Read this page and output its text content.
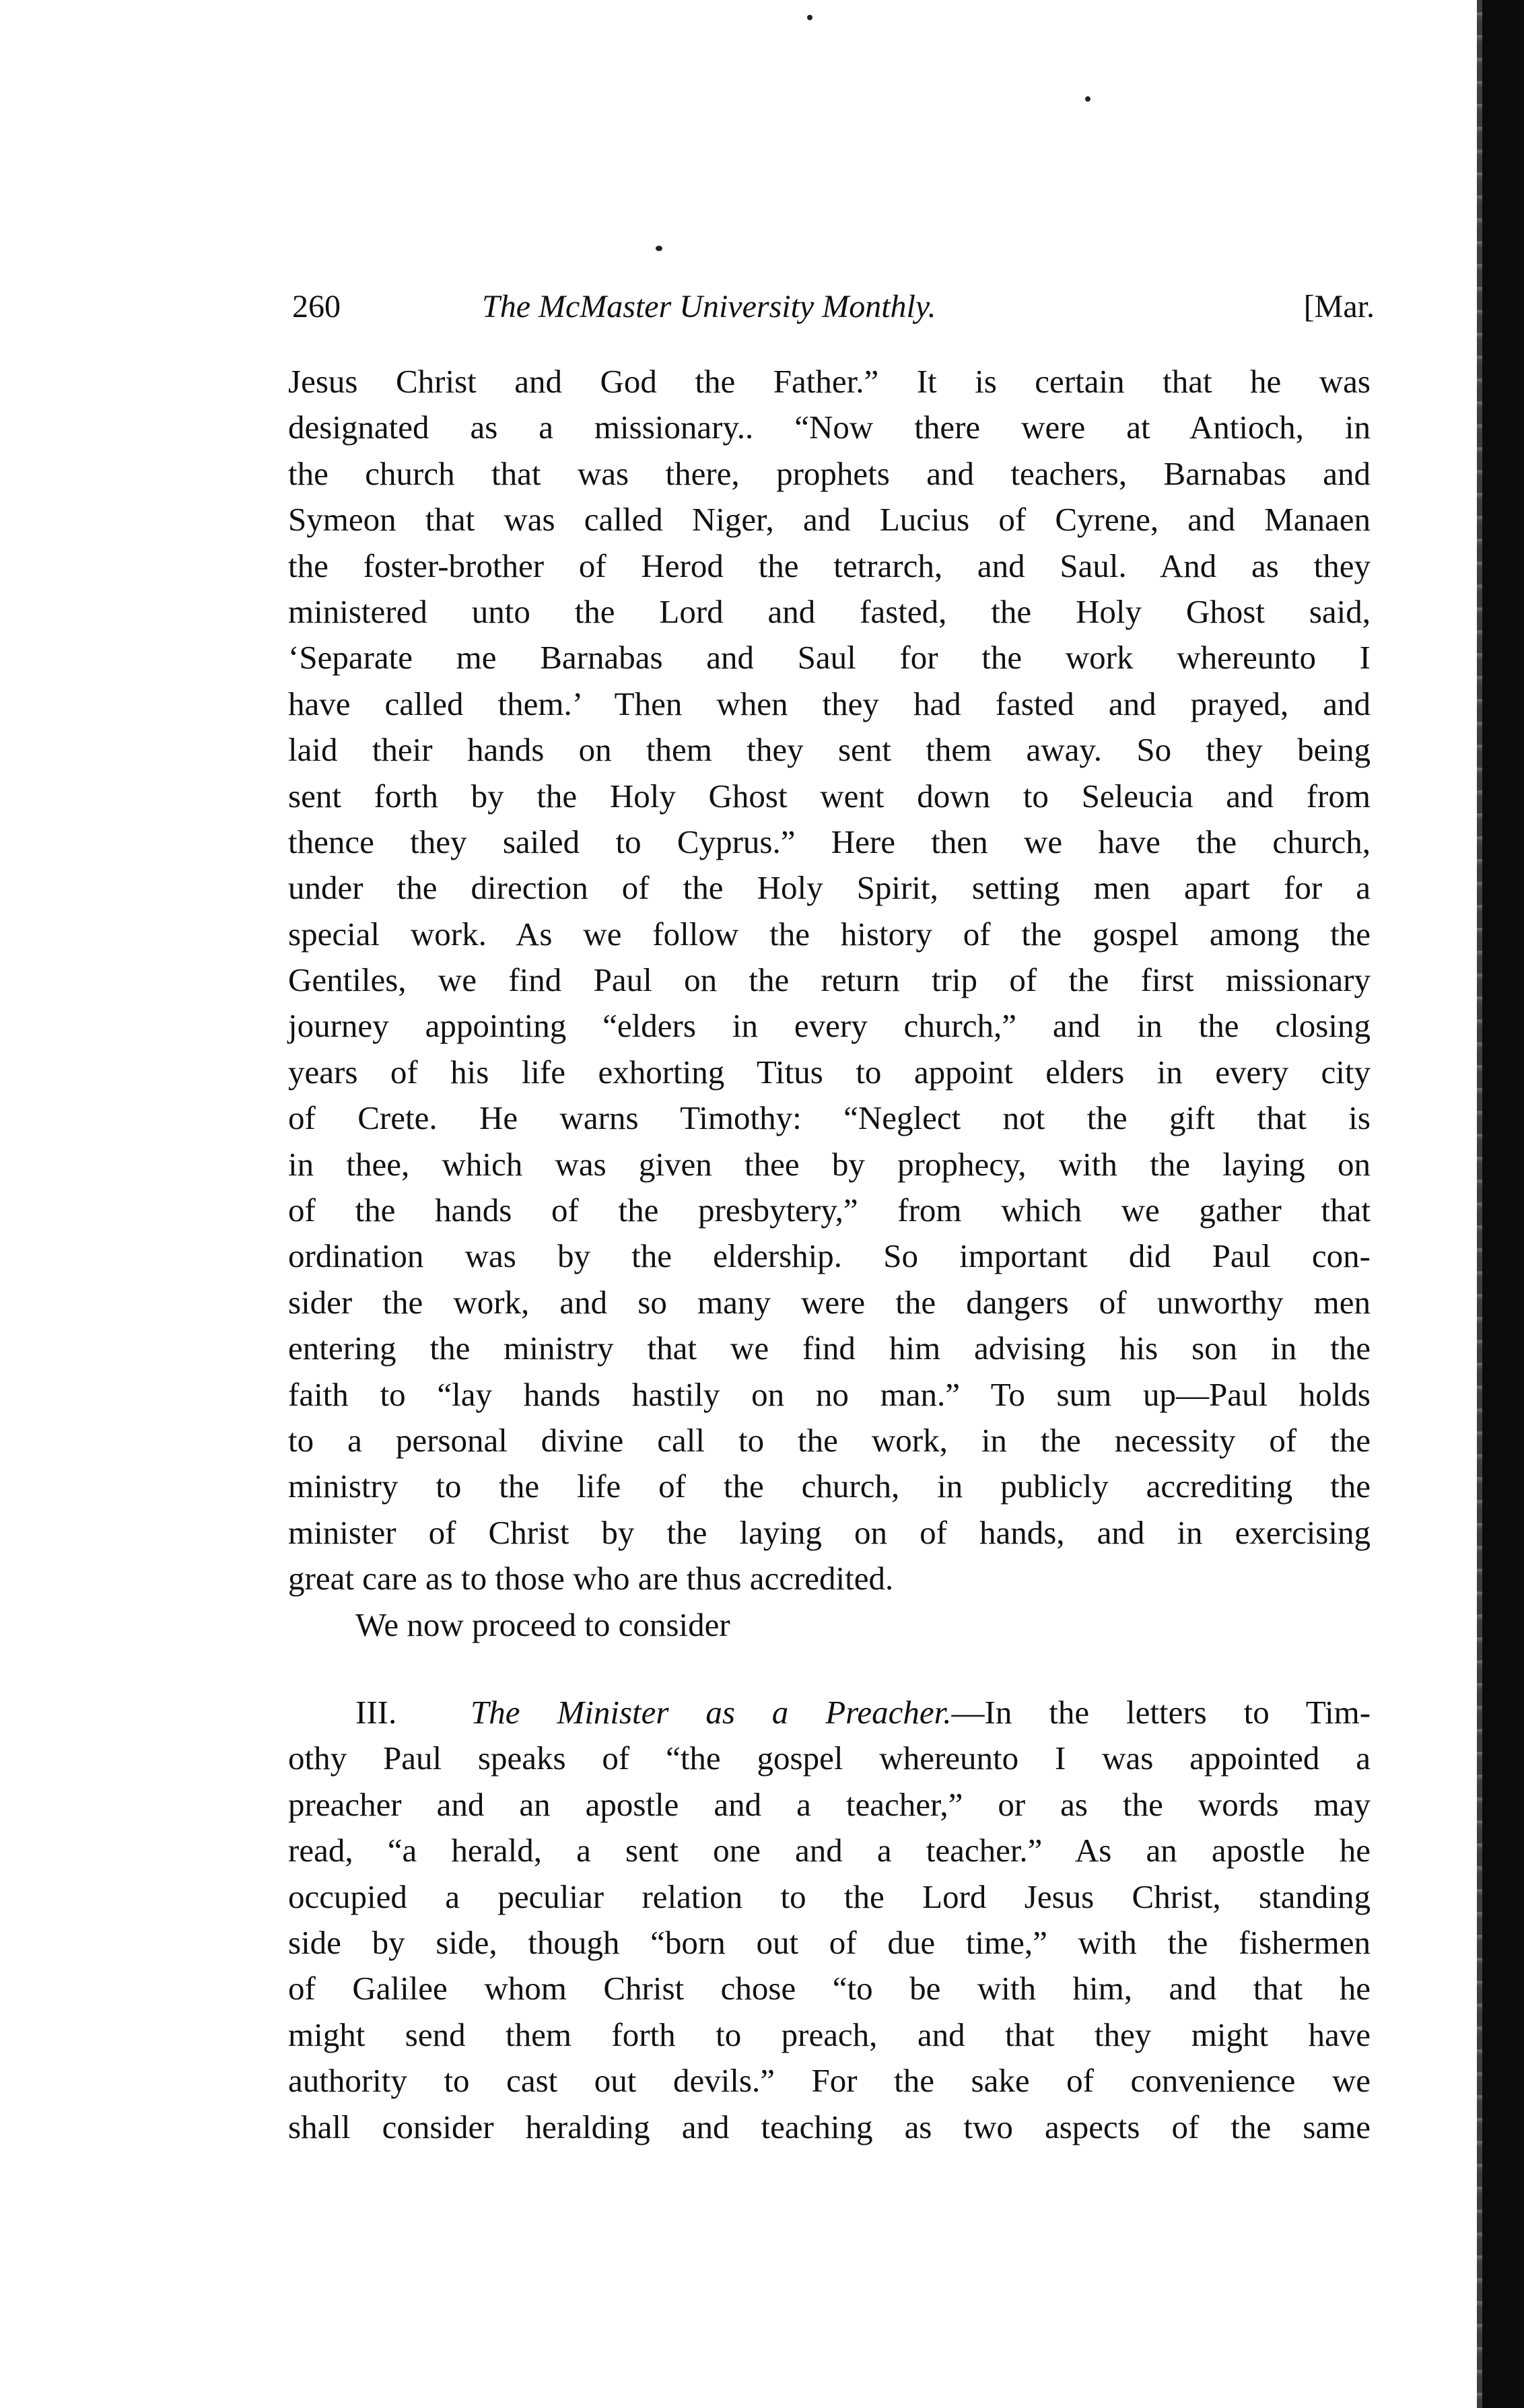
260	The McMaster University Monthly.	[Mar.
Jesus Christ and God the Father.” It is certain that he was
designated as a missionary.. “Now there were at Antioch, in
the church that was there, prophets and teachers, Barnabas and
Symeon that was called Niger, and Lucius of Cyrene, and Manaen
the foster-brother of Herod the tetrarch, and Saul. And as they
ministered unto the Lord and fasted, the Holy Ghost said,
‘Separate me Barnabas and Saul for the work whereunto I
have called them.’ Then when they had fasted and prayed, and
laid their hands on them they sent them away. So they being
sent forth by the Holy Ghost went down to Seleucia and from
thence they sailed to Cyprus.” Here then we have the church,
under the direction of the Holy Spirit, setting men apart for a
special work. As we follow the history of the gospel among the
Gentiles, we find Paul on the return trip of the first missionary
journey appointing “elders in every church,” and in the closing
years of his life exhorting Titus to appoint elders in every city
of Crete. He warns Timothy: “Neglect not the gift that is
in thee, which was given thee by prophecy, with the laying on
of the hands of the presbytery,” from which we gather that
ordination was by the eldership. So important did Paul con-
sider the work, and so many were the dangers of unworthy men
entering the ministry that we find him advising his son in the
faith to “lay hands hastily on no man.” To sum up—Paul holds
to a personal divine call to the work, in the necessity of the
ministry to the life of the church, in publicly accrediting the
minister of Christ by the laying on of hands, and in exercising
great care as to those who are thus accredited.
We now proceed to consider
III. The Minister as a Preacher.—In the letters to Tim-
othy Paul speaks of “the gospel whereunto I was appointed a
preacher and an apostle and a teacher,” or as the words may
read, “a herald, a sent one and a teacher.” As an apostle he
occupied a peculiar relation to the Lord Jesus Christ, standing
side by side, though “born out of due time,” with the fishermen
of Galilee whom Christ chose “to be with him, and that he
might send them forth to preach, and that they might have
authority to cast out devils.” For the sake of convenience we
shall consider heralding and teaching as two aspects of the same
